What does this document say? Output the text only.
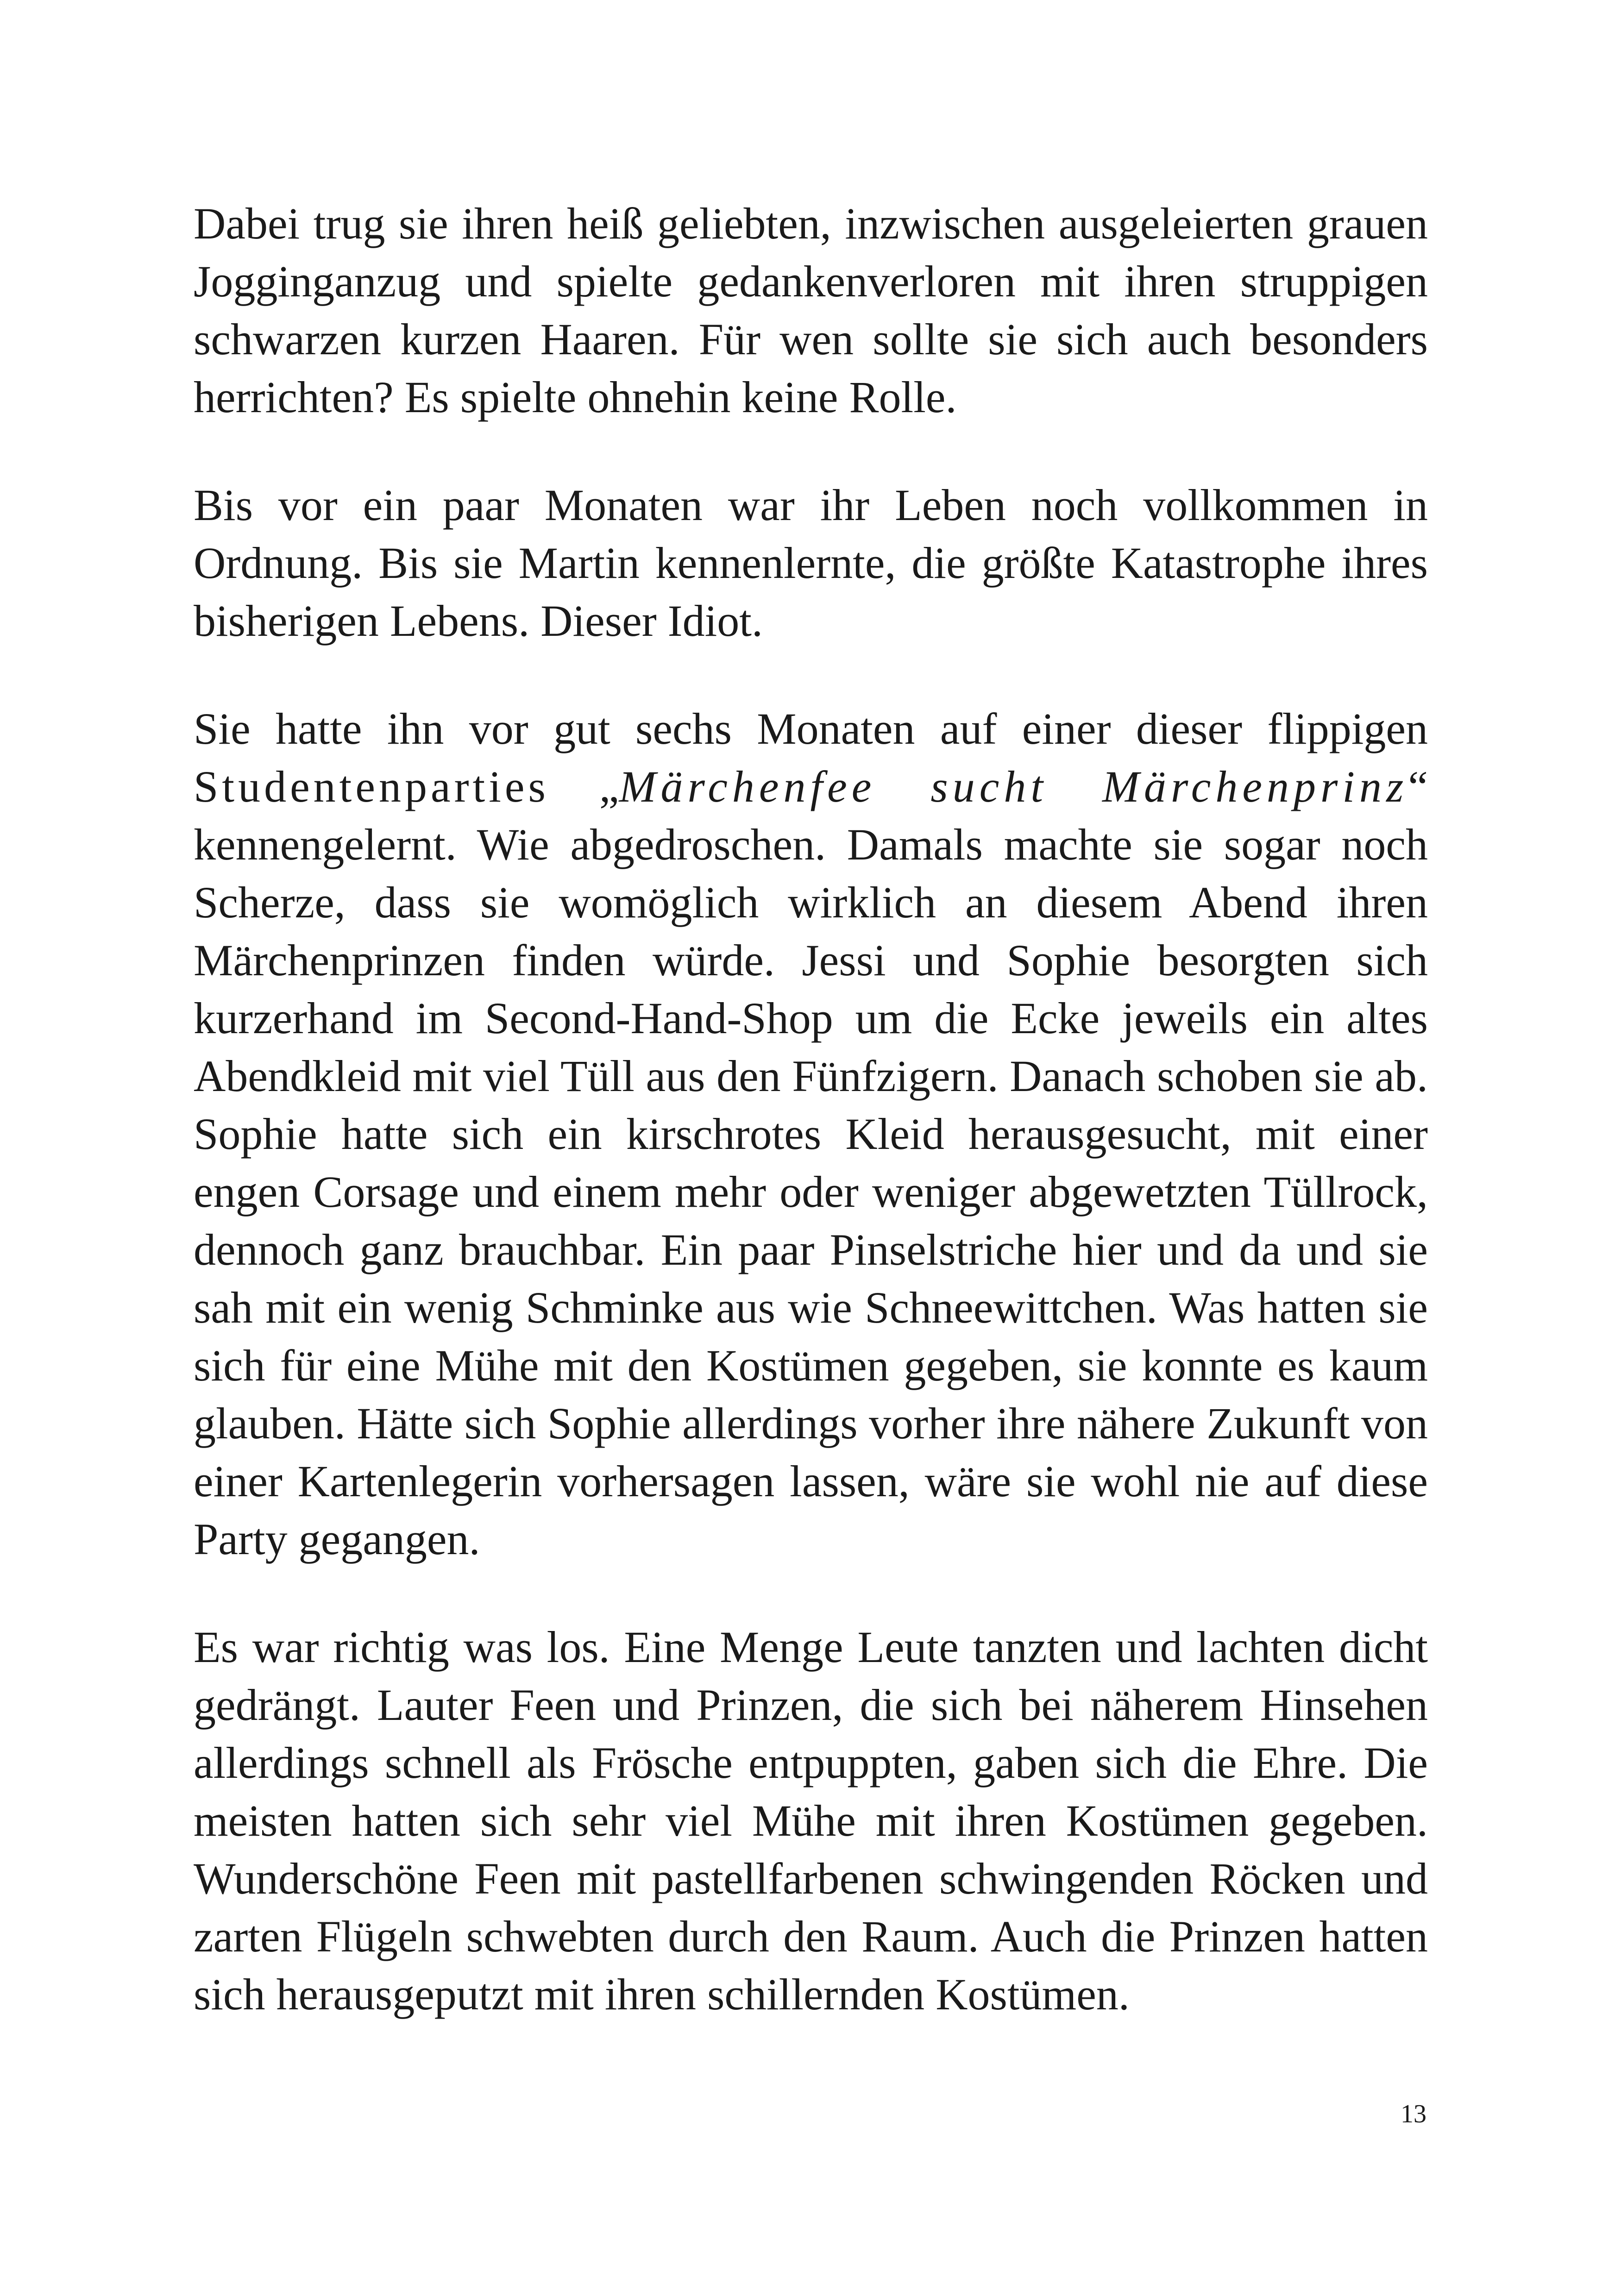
Dabei trug sie ihren heiß geliebten, inzwischen ausgeleierten grauen Jogginganzug und spielte gedankenverloren mit ihren struppigen schwarzen kurzen Haaren. Für wen sollte sie sich auch besonders herrichten? Es spielte ohnehin keine Rolle.

Bis vor ein paar Monaten war ihr Leben noch vollkommen in Ordnung. Bis sie Martin kennenlernte, die größte Katastrophe ihres bisherigen Lebens. Dieser Idiot.

Sie hatte ihn vor gut sechs Monaten auf einer dieser flippigen Studentenparties „Märchenfee sucht Märchenprinz“ kennengelernt. Wie abgedroschen. Damals machte sie sogar noch Scherze, dass sie womöglich wirklich an diesem Abend ihren Märchenprinzen finden würde. Jessi und Sophie besorgten sich kurzerhand im Second-Hand-Shop um die Ecke jeweils ein altes Abendkleid mit viel Tüll aus den Fünfzigern. Danach schoben sie ab. Sophie hatte sich ein kirschrotes Kleid herausgesucht, mit einer engen Corsage und einem mehr oder weniger abgewetzten Tüllrock, dennoch ganz brauchbar. Ein paar Pinselstriche hier und da und sie sah mit ein wenig Schminke aus wie Schneewittchen. Was hatten sie sich für eine Mühe mit den Kostümen gegeben, sie konnte es kaum glauben. Hätte sich Sophie allerdings vorher ihre nähere Zukunft von einer Kartenlegerin vorhersagen lassen, wäre sie wohl nie auf diese Party gegangen.

Es war richtig was los. Eine Menge Leute tanzten und lachten dicht gedrängt. Lauter Feen und Prinzen, die sich bei näherem Hinsehen allerdings schnell als Frösche entpuppten, gaben sich die Ehre. Die meisten hatten sich sehr viel Mühe mit ihren Kostümen gegeben. Wunderschöne Feen mit pastellfarbenen schwingenden Röcken und zarten Flügeln schwebten durch den Raum. Auch die Prinzen hatten sich herausgeputzt mit ihren schillernden Kostümen.

13
